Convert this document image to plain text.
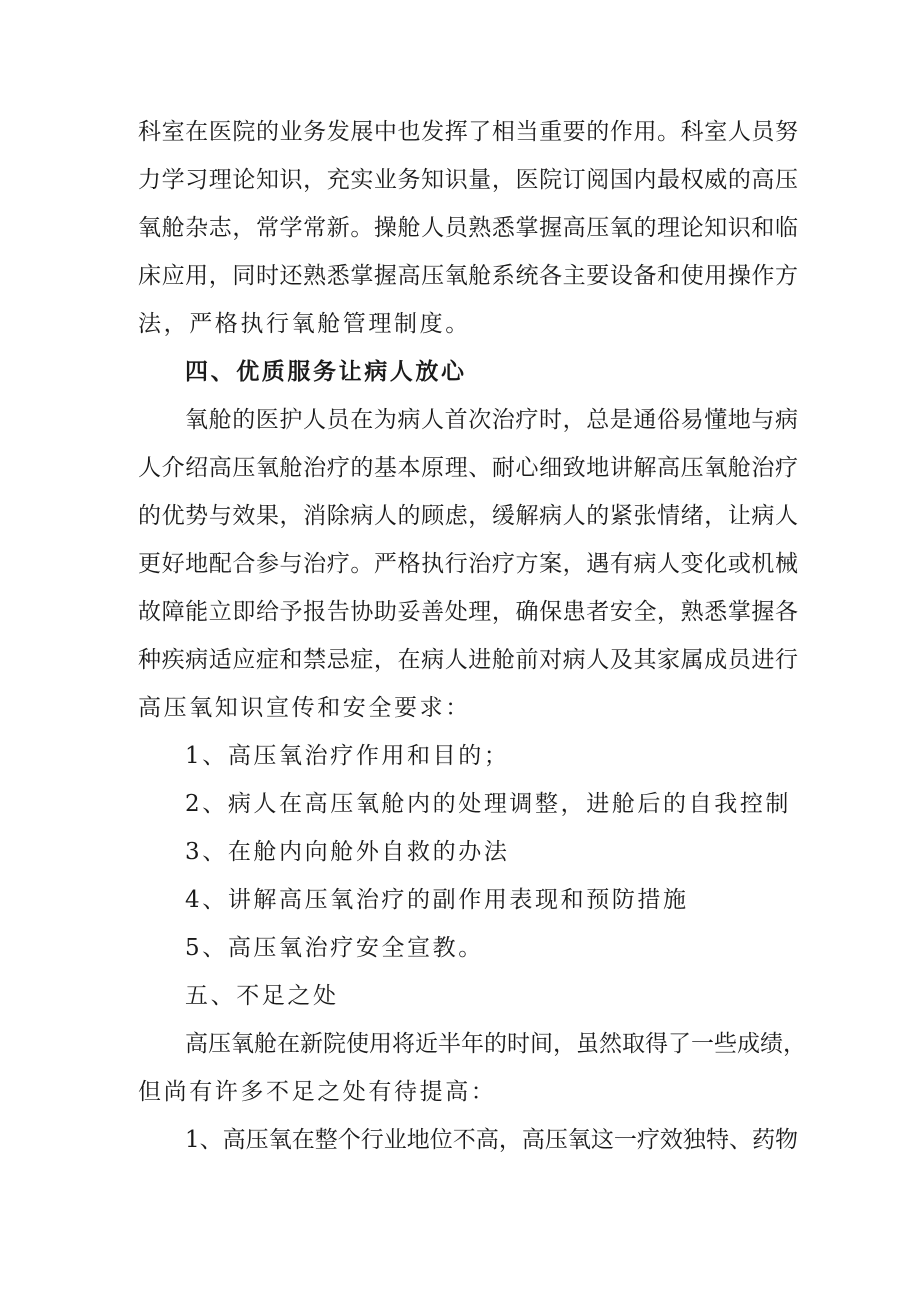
科室在医院的业务发展中也发挥了相当重要的作用。科室人员努
力学习理论知识，充实业务知识量，医院订阅国内最权威的高压
氧舱杂志，常学常新。操舱人员熟悉掌握高压氧的理论知识和临
床应用，同时还熟悉掌握高压氧舱系统各主要设备和使用操作方
法，严格执行氧舱管理制度。
四、优质服务让病人放心
氧舱的医护人员在为病人首次治疗时，总是通俗易懂地与病
人介绍高压氧舱治疗的基本原理、耐心细致地讲解高压氧舱治疗
的优势与效果，消除病人的顾虑，缓解病人的紧张情绪，让病人
更好地配合参与治疗。严格执行治疗方案，遇有病人变化或机械
故障能立即给予报告协助妥善处理，确保患者安全，熟悉掌握各
种疾病适应症和禁忌症，在病人进舱前对病人及其家属成员进行
高压氧知识宣传和安全要求：
1、高压氧治疗作用和目的；
2、病人在高压氧舱内的处理调整，进舱后的自我控制
3、在舱内向舱外自救的办法
4、讲解高压氧治疗的副作用表现和预防措施
5、高压氧治疗安全宣教。
五、不足之处
高压氧舱在新院使用将近半年的时间，虽然取得了一些成绩，
但尚有许多不足之处有待提高：
1、高压氧在整个行业地位不高，高压氧这一疗效独特、药物
